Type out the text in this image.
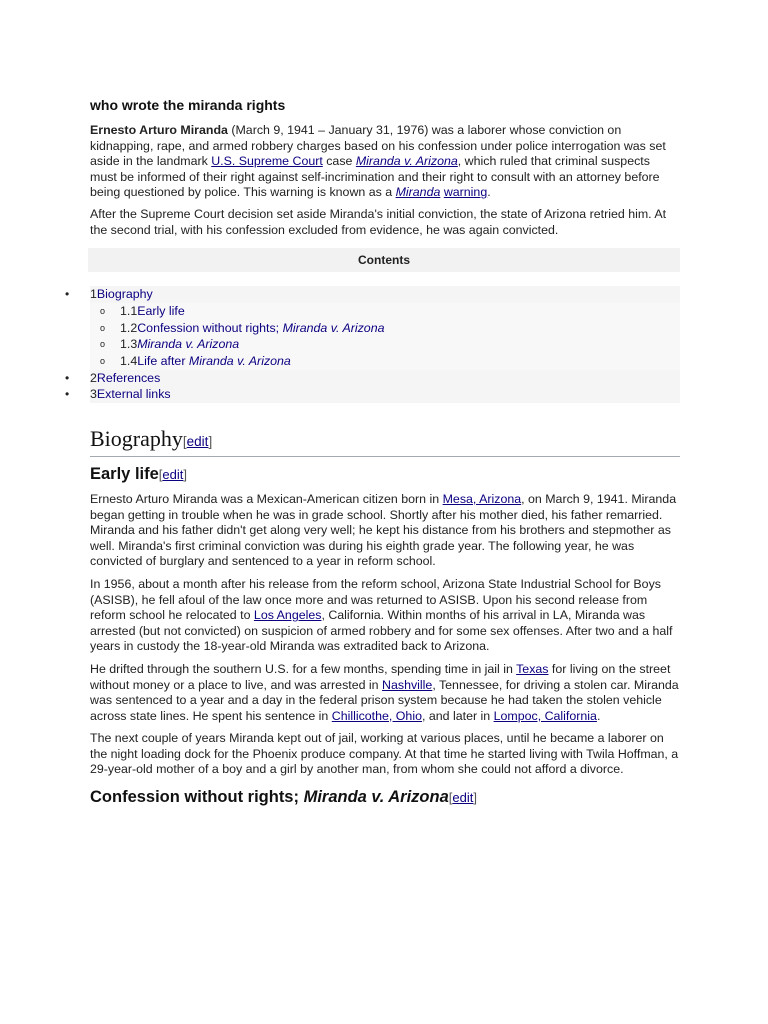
who wrote the miranda rights

Ernesto Arturo Miranda (March 9, 1941 – January 31, 1976) was a laborer whose conviction on kidnapping, rape, and armed robbery charges based on his confession under police interrogation was set aside in the landmark U.S. Supreme Court case Miranda v. Arizona, which ruled that criminal suspects must be informed of their right against self-incrimination and their right to consult with an attorney before being questioned by police. This warning is known as a Miranda warning.

After the Supreme Court decision set aside Miranda's initial conviction, the state of Arizona retried him. At the second trial, with his confession excluded from evidence, he was again convicted.

Contents
• 1Biography
o 1.1Early life
o 1.2Confession without rights; Miranda v. Arizona
o 1.3Miranda v. Arizona
o 1.4Life after Miranda v. Arizona
• 2References
• 3External links
Biography[edit]
Early life[edit]

Ernesto Arturo Miranda was a Mexican-American citizen born in Mesa, Arizona, on March 9, 1941. Miranda began getting in trouble when he was in grade school. Shortly after his mother died, his father remarried. Miranda and his father didn't get along very well; he kept his distance from his brothers and stepmother as well. Miranda's first criminal conviction was during his eighth grade year. The following year, he was convicted of burglary and sentenced to a year in reform school.

In 1956, about a month after his release from the reform school, Arizona State Industrial School for Boys (ASISB), he fell afoul of the law once more and was returned to ASISB. Upon his second release from reform school he relocated to Los Angeles, California. Within months of his arrival in LA, Miranda was arrested (but not convicted) on suspicion of armed robbery and for some sex offenses. After two and a half years in custody the 18-year-old Miranda was extradited back to Arizona.

He drifted through the southern U.S. for a few months, spending time in jail in Texas for living on the street without money or a place to live, and was arrested in Nashville, Tennessee, for driving a stolen car. Miranda was sentenced to a year and a day in the federal prison system because he had taken the stolen vehicle across state lines. He spent his sentence in Chillicothe, Ohio, and later in Lompoc, California.

The next couple of years Miranda kept out of jail, working at various places, until he became a laborer on the night loading dock for the Phoenix produce company. At that time he started living with Twila Hoffman, a 29-year-old mother of a boy and a girl by another man, from whom she could not afford a divorce.

Confession without rights; Miranda v. Arizona[edit]
